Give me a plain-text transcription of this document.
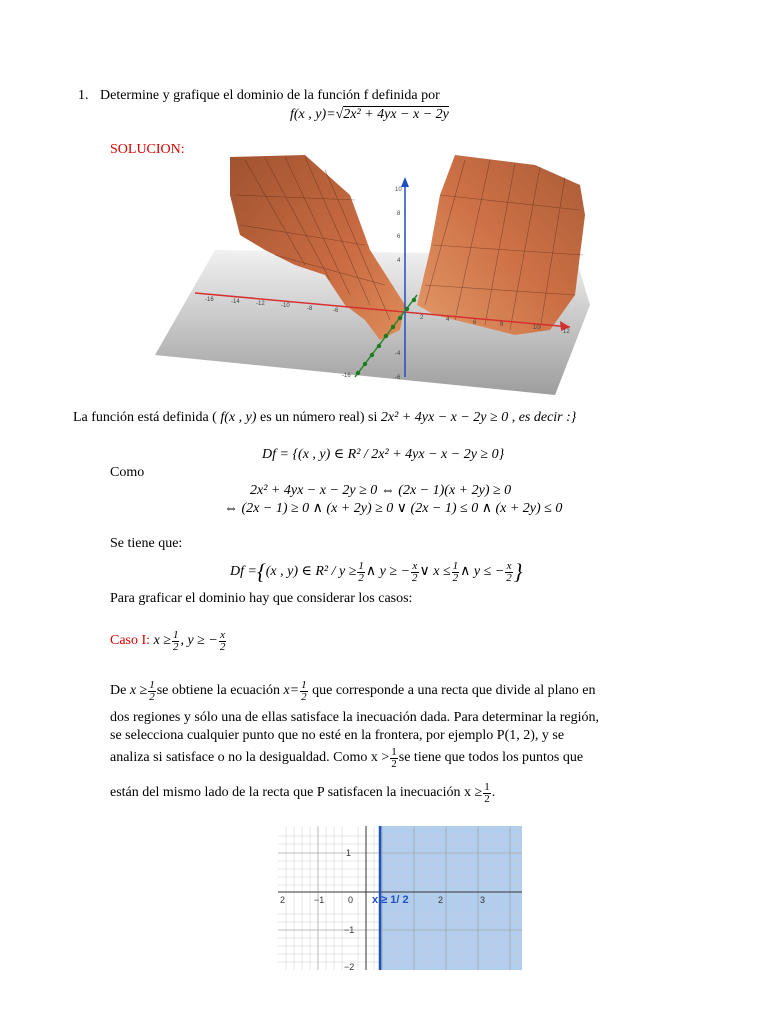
1. Determine y grafique el dominio de la función f definida por
f(x , y)=√2x² + 4yx − x − 2y
SOLUCION:
-16	-14	-12	-10	-8	-6
2	4	6	8	10
12
10
8
6
4
-4
-6
-16
La función está definida ( f(x , y) es un número real) si 2x² + 4yx − x − 2y ≥ 0 , es decir :}
Df = {(x , y) ∈ R² / 2x² + 4yx − x − 2y ≥ 0}
Como
2x² + 4yx − x − 2y ≥ 0 ⇔ (2x − 1)(x + 2y) ≥ 0
⇔ (2x − 1) ≥ 0 ∧ (x + 2y) ≥ 0 ∨ (2x − 1) ≤ 0 ∧ (x + 2y) ≤ 0
Se tiene que:
Df = { (x , y) ∈ $R^2 / y \ge \frac{1}{2}$ ∧ y ≥ − $\frac{x}{2}$ ∨ $x \le \frac{1}{2}$ ∧ y ≤ − $\frac{x}{2}$ }
Para graficar el dominio hay que considerar los casos:
Caso I:
$x \ge \frac{1}{2}$ , y ≥ − $\frac{x}{2}$
De
$x \ge \frac{1}{2}$ se obtiene la ecuación
$x= \frac{1}{2}$
que corresponde a una recta que divide al plano en
dos regiones y sólo una de ellas satisface la inecuación dada. Para determinar la región,
se selecciona cualquier punto que no esté en la frontera, por ejemplo P(1, 2), y se
analiza si satisface o no la desigualdad. Como $x > \frac{1}{2}$ se tiene que todos los puntos que
están del mismo lado de la recta que P satisfacen la inecuación $x \ge \frac{1}{2}$ .
2	−1	0	2	3
1
−1
−2
x ≥ 1/ 2
